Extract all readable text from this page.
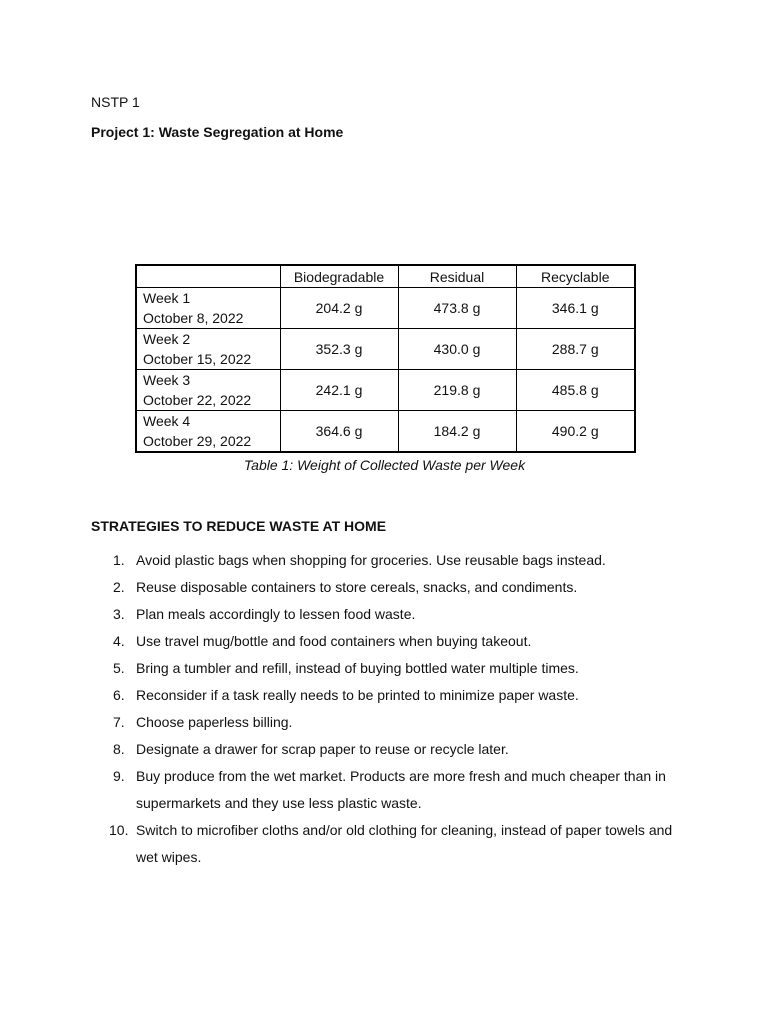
NSTP 1
Project 1: Waste Segregation at Home
	Biodegradable	Residual	Recyclable

Week 1
October 8, 2022	204.2 g	473.8 g	346.1 g

Week 2
October 15, 2022	352.3 g	430.0 g	288.7 g

Week 3
October 22, 2022	242.1 g	219.8 g	485.8 g

Week 4
October 29, 2022	364.6 g	184.2 g	490.2 g
Table 1: Weight of Collected Waste per Week
STRATEGIES TO REDUCE WASTE AT HOME
1. Avoid plastic bags when shopping for groceries. Use reusable bags instead.
2. Reuse disposable containers to store cereals, snacks, and condiments.
3. Plan meals accordingly to lessen food waste.
4. Use travel mug/bottle and food containers when buying takeout.
5. Bring a tumbler and refill, instead of buying bottled water multiple times.
6. Reconsider if a task really needs to be printed to minimize paper waste.
7. Choose paperless billing.
8. Designate a drawer for scrap paper to reuse or recycle later.
9. Buy produce from the wet market. Products are more fresh and much cheaper than in supermarkets and they use less plastic waste.
10. Switch to microfiber cloths and/or old clothing for cleaning, instead of paper towels and wet wipes.
